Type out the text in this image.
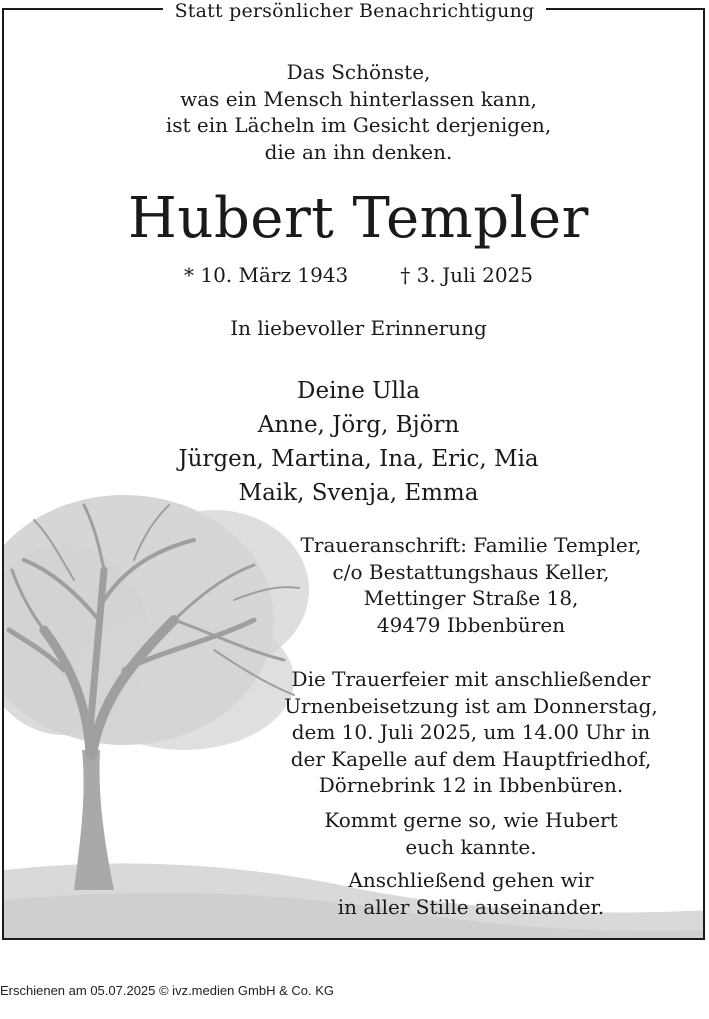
Das Schönste,
was ein Mensch hinterlassen kann,
ist ein Lächeln im Gesicht derjenigen,
die an ihn denken.
Hubert Templer
* 10. März 1943	† 3. Juli 2025
In liebevoller Erinnerung
Deine Ulla
Anne, Jörg, Björn
Jürgen, Martina, Ina, Eric, Mia
Maik, Svenja, Emma
Traueranschrift: Familie Templer,
c/o Bestattungshaus Keller,
Mettinger Straße 18,
49479 Ibbenbüren
Die Trauerfeier mit anschließender
Urnenbeisetzung ist am Donnerstag,
dem 10. Juli 2025, um 14.00 Uhr in
der Kapelle auf dem Hauptfriedhof,
Dörnebrink 12 in Ibbenbüren.
Kommt gerne so, wie Hubert
euch kannte.
Anschließend gehen wir
in aller Stille auseinander.
Statt persönlicher Benachrichtigung
Erschienen am 05.07.2025 © ivz.medien GmbH & Co. KG
